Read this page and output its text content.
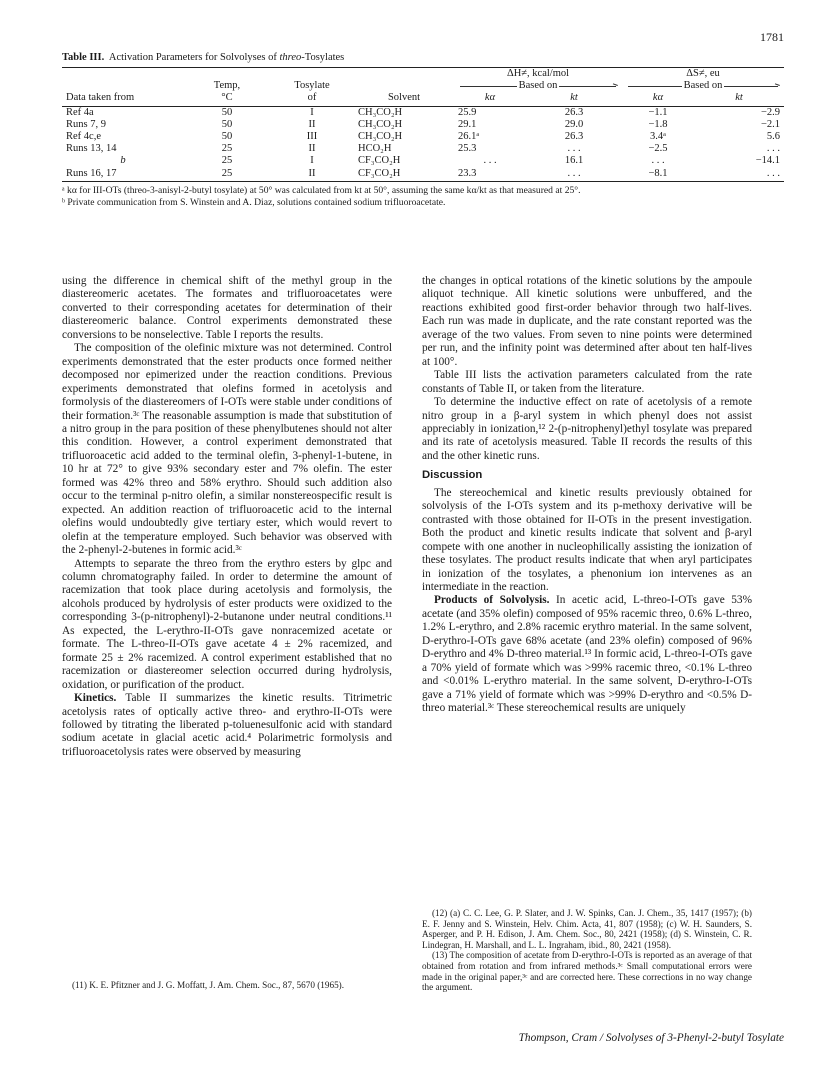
1781
Table III. Activation Parameters for Solvolyses of threo-Tosylates
				ΔH≠, kcal/mol		ΔS≠, eu	
	Temp,	Tosylate		Based on		Based on	

Data taken from	°C	of	Solvent	kα	kt	kα	kt
Ref 4a	50	I	CH₃CO₂H	25.9	26.3	−1.1	−2.9
Runs 7, 9	50	II	CH₃CO₂H	29.1	29.0	−1.8	−2.1
Ref 4c,e	50	III	CH₃CO₂H	26.1ᵃ	26.3	3.4ᵃ	5.6
Runs 13, 14	25	II	HCO₂H	25.3	. . .	−2.5	. . .
b	25	I	CF₃CO₂H	. . .	16.1	. . .	−14.1
Runs 16, 17	25	II	CF₃CO₂H	23.3	. . .	−8.1	. . .
ᵃ kα for III-OTs (threo-3-anisyl-2-butyl tosylate) at 50° was calculated from kt at 50°, assuming the same kα/kt as that measured at 25°.
ᵇ Private communication from S. Winstein and A. Diaz, solutions contained sodium trifluoroacetate.

using the difference in chemical shift of the methyl group in the diastereomeric acetates. The formates and trifluoroacetates were converted to their corresponding acetates for determination of their diastereomeric balance. Control experiments demonstrated these conversions to be nonselective. Table I reports the results.

The composition of the olefinic mixture was not determined. Control experiments demonstrated that the ester products once formed neither decomposed nor epimerized under the reaction conditions. Previous experiments demonstrated that olefins formed in acetolysis and formolysis of the diastereomers of I-OTs were stable under conditions of their formation.³ᶜ The reasonable assumption is made that substitution of a nitro group in the para position of these phenylbutenes should not alter this condition. However, a control experiment demonstrated that trifluoroacetic acid added to the terminal olefin, 3-phenyl-1-butene, in 10 hr at 72° to give 93% secondary ester and 7% olefin. The ester formed was 42% threo and 58% erythro. Should such addition also occur to the terminal p-nitro olefin, a similar nonstereospecific result is expected. An addition reaction of trifluoroacetic acid to the internal olefins would undoubtedly give tertiary ester, which would revert to olefin at the temperature employed. Such behavior was observed with the 2-phenyl-2-butenes in formic acid.³ᶜ

Attempts to separate the threo from the erythro esters by glpc and column chromatography failed. In order to determine the amount of racemization that took place during acetolysis and formolysis, the alcohols produced by hydrolysis of ester products were oxidized to the corresponding 3-(p-nitrophenyl)-2-butanone under neutral conditions.¹¹ As expected, the L-erythro-II-OTs gave nonracemized acetate or formate. The L-threo-II-OTs gave acetate 4 ± 2% racemized, and formate 25 ± 2% racemized. A control experiment established that no racemization or diastereomer selection occurred during hydrolysis, oxidation, or purification of the product.

Kinetics. Table II summarizes the kinetic results. Titrimetric acetolysis rates of optically active threo- and erythro-II-OTs were followed by titrating the liberated p-toluenesulfonic acid with standard sodium acetate in glacial acetic acid.⁴ Polarimetric formolysis and trifluoroacetolysis rates were observed by measuring

(11) K. E. Pfitzner and J. G. Moffatt, J. Am. Chem. Soc., 87, 5670 (1965).

the changes in optical rotations of the kinetic solutions by the ampoule aliquot technique. All kinetic solutions were unbuffered, and the reactions exhibited good first-order behavior through two half-lives. Each run was made in duplicate, and the rate constant reported was the average of the two values. From seven to nine points were determined per run, and the infinity point was determined after about ten half-lives at 100°.

Table III lists the activation parameters calculated from the rate constants of Table II, or taken from the literature.

To determine the inductive effect on rate of acetolysis of a remote nitro group in a β-aryl system in which phenyl does not assist appreciably in ionization,¹² 2-(p-nitrophenyl)ethyl tosylate was prepared and its rate of acetolysis measured. Table II records the results of this and the other kinetic runs.

Discussion

The stereochemical and kinetic results previously obtained for solvolysis of the I-OTs system and its p-methoxy derivative will be contrasted with those obtained for II-OTs in the present investigation. Both the product and kinetic results indicate that solvent and β-aryl compete with one another in nucleophilically assisting the ionization of these tosylates. The product results indicate that when aryl participates in ionization of the tosylates, a phenonium ion intervenes as an intermediate in the reaction.

Products of Solvolysis. In acetic acid, L-threo-I-OTs gave 53% acetate (and 35% olefin) composed of 95% racemic threo, 0.6% L-threo, 1.2% L-erythro, and 2.8% racemic erythro material. In the same solvent, D-erythro-I-OTs gave 68% acetate (and 23% olefin) composed of 96% D-erythro and 4% D-threo material.¹³ In formic acid, L-threo-I-OTs gave a 70% yield of formate which was >99% racemic threo, <0.1% L-threo and <0.01% L-erythro material. In the same solvent, D-erythro-I-OTs gave a 71% yield of formate which was >99% D-erythro and <0.5% D-threo material.³ᶜ These stereochemical results are uniquely

(12) (a) C. C. Lee, G. P. Slater, and J. W. Spinks, Can. J. Chem., 35, 1417 (1957); (b) E. F. Jenny and S. Winstein, Helv. Chim. Acta, 41, 807 (1958); (c) W. H. Saunders, S. Asperger, and P. H. Edison, J. Am. Chem. Soc., 80, 2421 (1958); (d) S. Winstein, C. R. Lindegran, H. Marshall, and L. L. Ingraham, ibid., 80, 2421 (1958).

(13) The composition of acetate from D-erythro-I-OTs is reported as an average of that obtained from rotation and from infrared methods.³ᶜ Small computational errors were made in the original paper,³ᶜ and are corrected here. These corrections in no way change the argument.

Thompson, Cram / Solvolyses of 3-Phenyl-2-butyl Tosylate
